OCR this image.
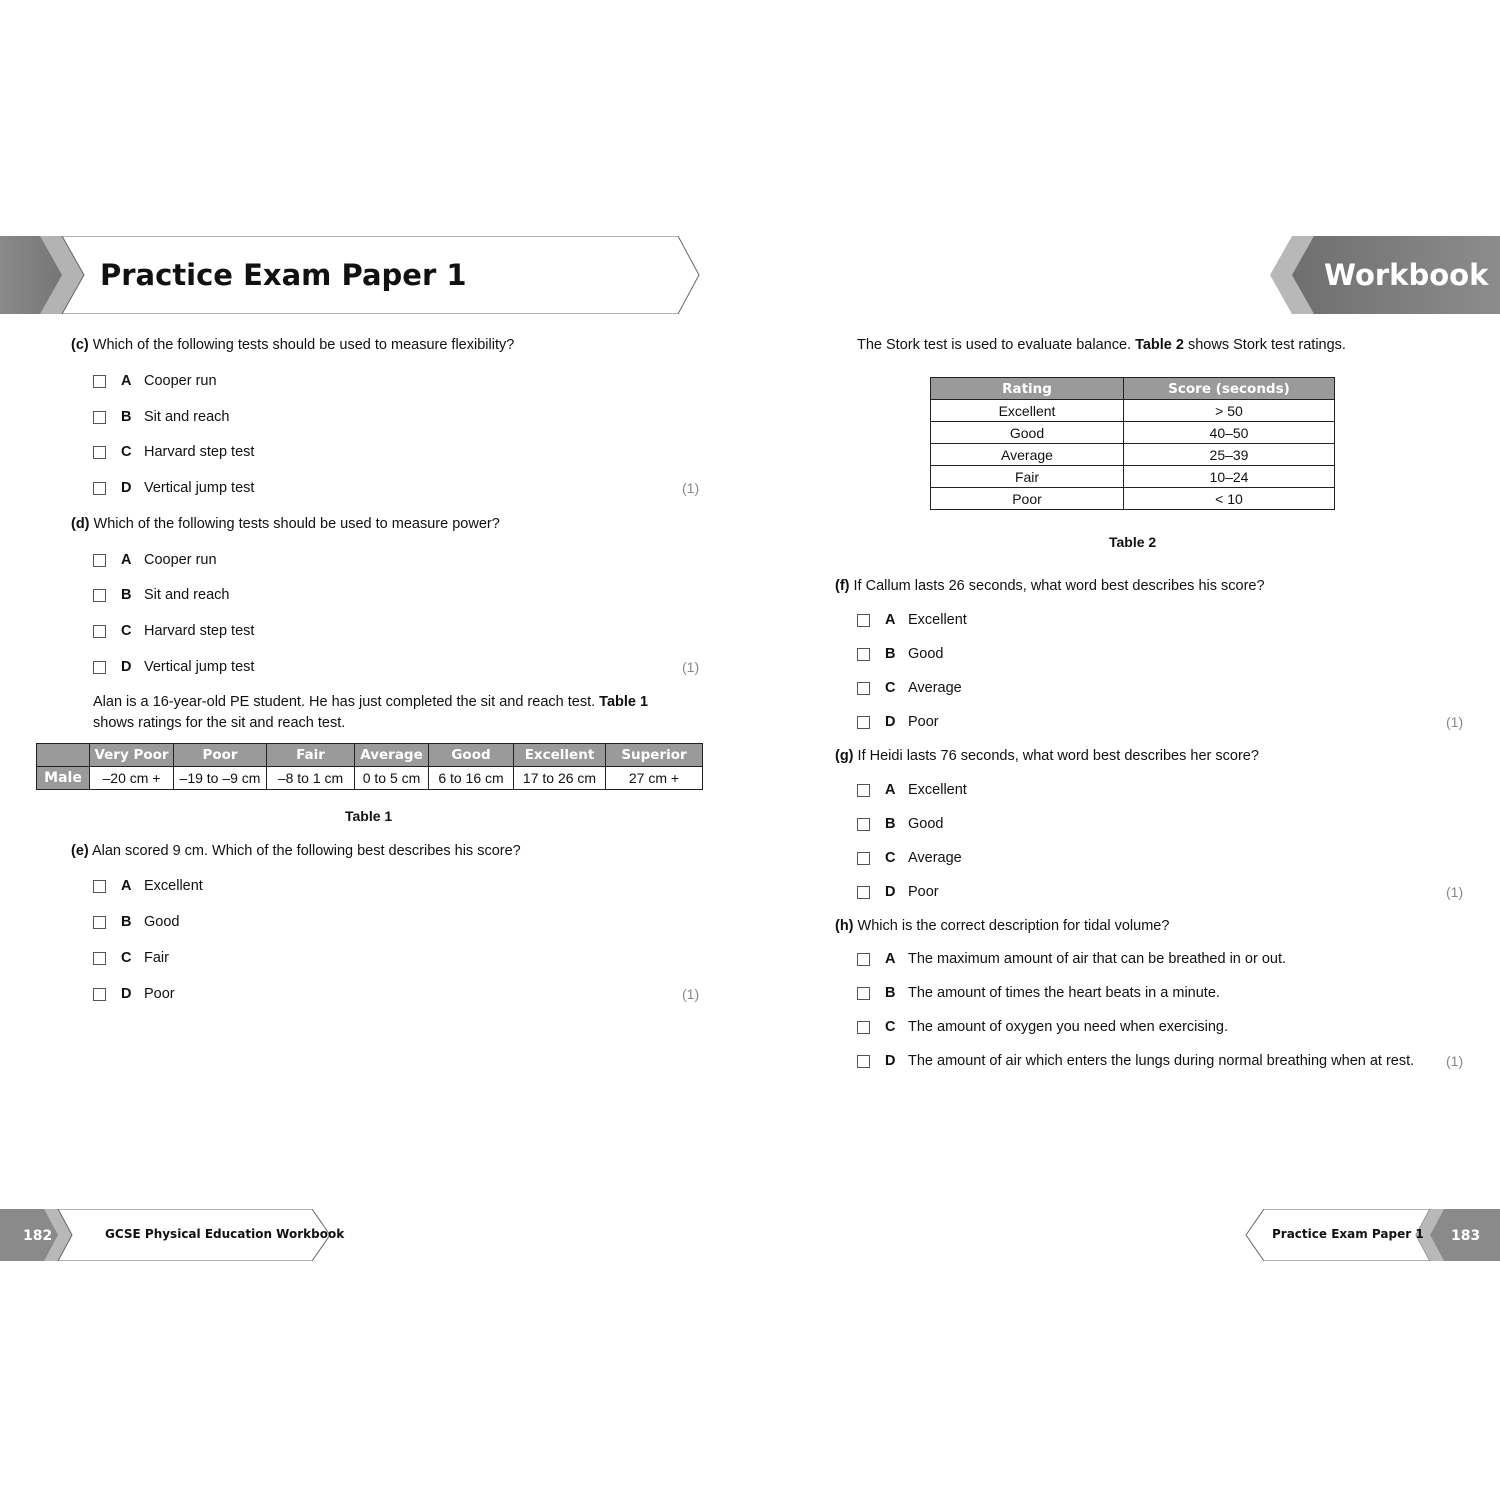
Practice Exam Paper 1	Workbook
(c) Which of the following tests should be used to measure flexibility?
A Cooper run
B Sit and reach
C Harvard step test
D Vertical jump test	(1)
(d) Which of the following tests should be used to measure power?
A Cooper run
B Sit and reach
C Harvard step test
D Vertical jump test	(1)
Alan is a 16-year-old PE student. He has just completed the sit and reach test. Table 1 shows ratings for the sit and reach test.
	Very Poor	Poor	Fair	Average	Good	Excellent	Superior
Male	–20 cm +	–19 to –9 cm	–8 to 1 cm	0 to 5 cm	6 to 16 cm	17 to 26 cm	27 cm +
Table 1
(e) Alan scored 9 cm. Which of the following best describes his score?
A Excellent
B Good
C Fair
D Poor	(1)
The Stork test is used to evaluate balance. Table 2 shows Stork test ratings.
Rating	Score (seconds)
Excellent	> 50
Good	40–50
Average	25–39
Fair	10–24
Poor	< 10
Table 2
(f) If Callum lasts 26 seconds, what word best describes his score?
A Excellent
B Good
C Average
D Poor	(1)
(g) If Heidi lasts 76 seconds, what word best describes her score?
A Excellent
B Good
C Average
D Poor	(1)
(h) Which is the correct description for tidal volume?
A The maximum amount of air that can be breathed in or out.
B The amount of times the heart beats in a minute.
C The amount of oxygen you need when exercising.
D The amount of air which enters the lungs during normal breathing when at rest. (1)
182	GCSE Physical Education Workbook	Practice Exam Paper 1 183
